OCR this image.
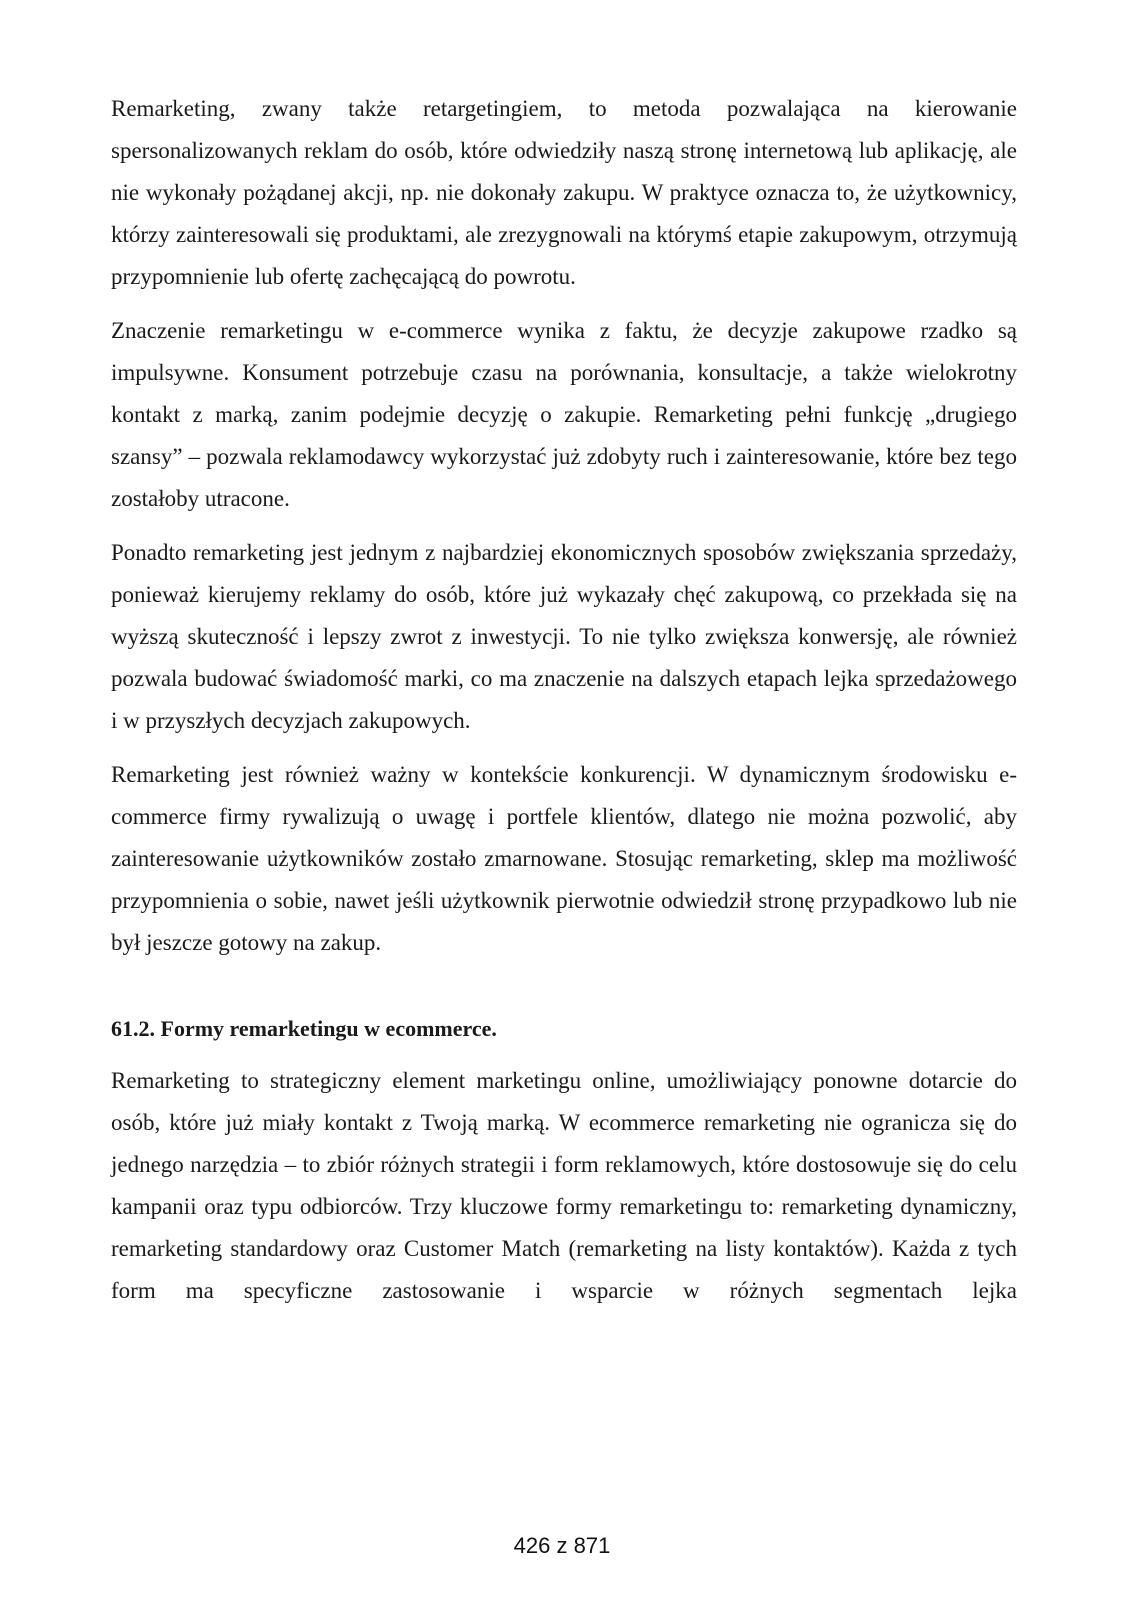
Remarketing, zwany także retargetingiem, to metoda pozwalająca na kierowanie spersonalizowanych reklam do osób, które odwiedziły naszą stronę internetową lub aplikację, ale nie wykonały pożądanej akcji, np. nie dokonały zakupu. W praktyce oznacza to, że użytkownicy, którzy zainteresowali się produktami, ale zrezygnowali na którymś etapie zakupowym, otrzymują przypomnienie lub ofertę zachęcającą do powrotu.

Znaczenie remarketingu w e-commerce wynika z faktu, że decyzje zakupowe rzadko są impulsywne. Konsument potrzebuje czasu na porównania, konsultacje, a także wielokrotny kontakt z marką, zanim podejmie decyzję o zakupie. Remarketing pełni funkcję „drugiego szansy” – pozwala reklamodawcy wykorzystać już zdobyty ruch i zainteresowanie, które bez tego zostałoby utracone.

Ponadto remarketing jest jednym z najbardziej ekonomicznych sposobów zwiększania sprzedaży, ponieważ kierujemy reklamy do osób, które już wykazały chęć zakupową, co przekłada się na wyższą skuteczność i lepszy zwrot z inwestycji. To nie tylko zwiększa konwersję, ale również pozwala budować świadomość marki, co ma znaczenie na dalszych etapach lejka sprzedażowego i w przyszłych decyzjach zakupowych.

Remarketing jest również ważny w kontekście konkurencji. W dynamicznym środowisku e-commerce firmy rywalizują o uwagę i portfele klientów, dlatego nie można pozwolić, aby zainteresowanie użytkowników zostało zmarnowane. Stosując remarketing, sklep ma możliwość przypomnienia o sobie, nawet jeśli użytkownik pierwotnie odwiedził stronę przypadkowo lub nie był jeszcze gotowy na zakup.

61.2. Formy remarketingu w ecommerce.

Remarketing to strategiczny element marketingu online, umożliwiający ponowne dotarcie do osób, które już miały kontakt z Twoją marką. W ecommerce remarketing nie ogranicza się do jednego narzędzia – to zbiór różnych strategii i form reklamowych, które dostosowuje się do celu kampanii oraz typu odbiorców. Trzy kluczowe formy remarketingu to: remarketing dynamiczny, remarketing standardowy oraz Customer Match (remarketing na listy kontaktów). Każda z tych form ma specyficzne zastosowanie i wsparcie w różnych segmentach lejka

426 z 871
